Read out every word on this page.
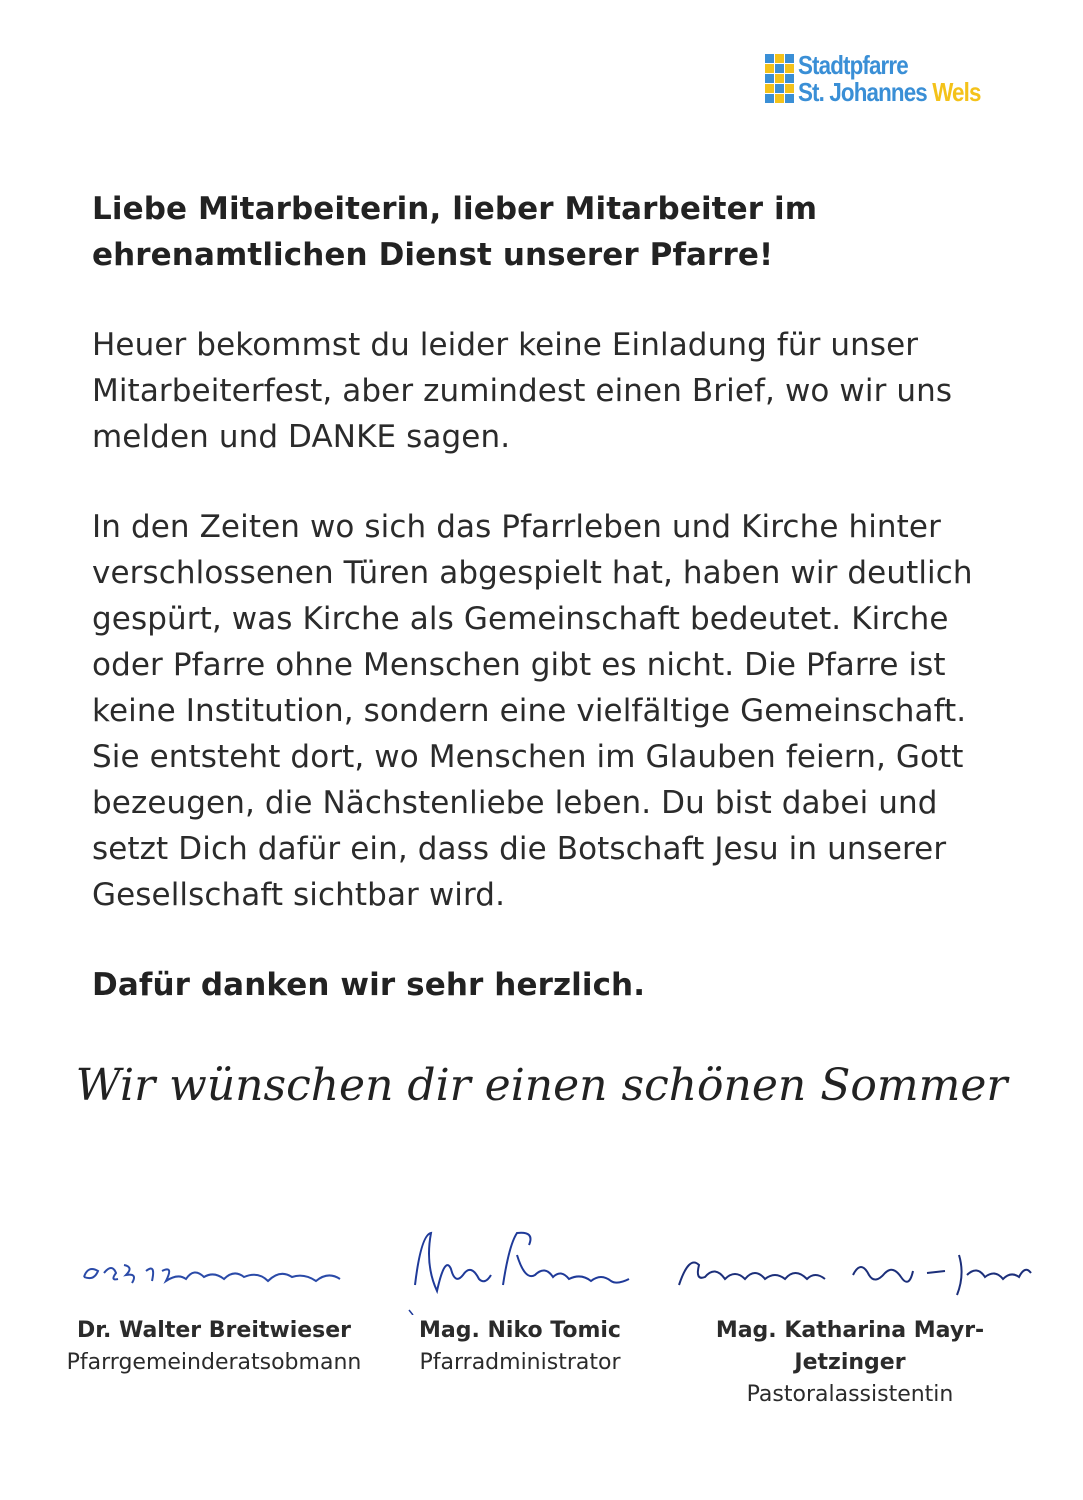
Stadtpfarre
St. Johannes Wels

Liebe Mitarbeiterin, lieber Mitarbeiter im
ehrenamtlichen Dienst unserer Pfarre!

Heuer bekommst du leider keine Einladung für unser
Mitarbeiterfest, aber zumindest einen Brief, wo wir uns
melden und DANKE sagen.

In den Zeiten wo sich das Pfarrleben und Kirche hinter
verschlossenen Türen abgespielt hat, haben wir deutlich
gespürt, was Kirche als Gemeinschaft bedeutet. Kirche
oder Pfarre ohne Menschen gibt es nicht. Die Pfarre ist
keine Institution, sondern eine vielfältige Gemeinschaft.
Sie entsteht dort, wo Menschen im Glauben feiern, Gott
bezeugen, die Nächstenliebe leben. Du bist dabei und
setzt Dich dafür ein, dass die Botschaft Jesu in unserer
Gesellschaft sichtbar wird.

Dafür danken wir sehr herzlich.

Wir wünschen dir einen schönen Sommer
Dr. Walter Breitwieser
Pfarrgemeinderatsobmann
Mag. Niko Tomic
Pfarradministrator
Mag. Katharina Mayr-Jetzinger
Pastoralassistentin
